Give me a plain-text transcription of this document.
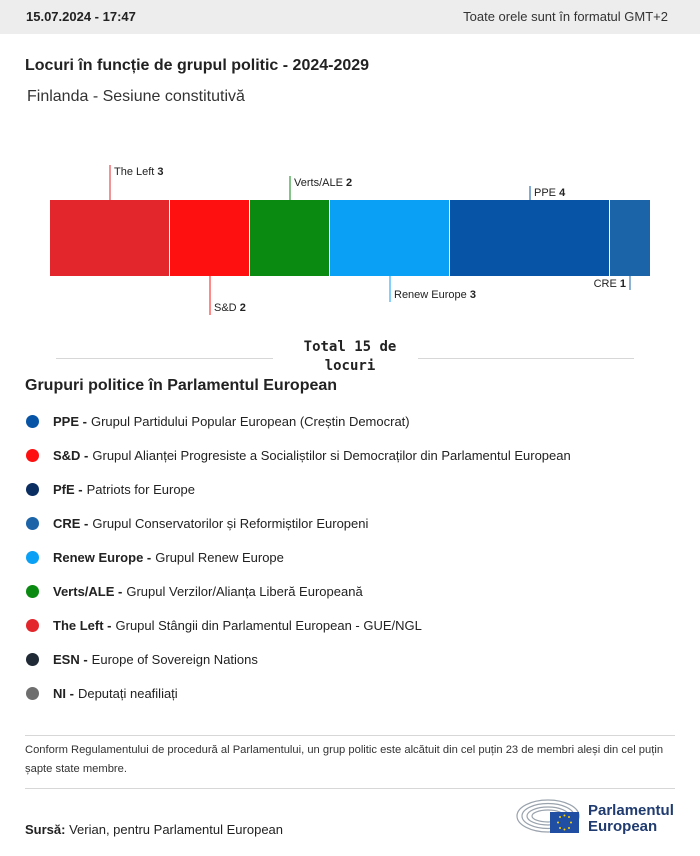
15.07.2024 - 17:47	Toate orele sunt în formatul GMT+2
Locuri în funcție de grupul politic - 2024-2029
Finlanda - Sesiune constitutivă
The Left 3
S&D 2
Verts/ALE 2
Renew Europe 3
PPE 4
CRE 1
Total 15 de locuri
Grupuri politice în Parlamentul European
PPE - Grupul Partidului Popular European (Creștin Democrat)
S&D - Grupul Alianței Progresiste a Socialiștilor si Democraților din Parlamentul European
PfE - Patriots for Europe
CRE - Grupul Conservatorilor și Reformiștilor Europeni
Renew Europe - Grupul Renew Europe
Verts/ALE - Grupul Verzilor/Alianța Liberă Europeană
The Left - Grupul Stângii din Parlamentul European - GUE/NGL
ESN - Europe of Sovereign Nations
NI - Deputați neafiliați
Conform Regulamentului de procedură al Parlamentului, un grup politic este alcătuit din cel puțin 23 de membri aleși din cel puțin șapte state membre.
Sursă: Verian, pentru Parlamentul European
Parlamentul
European
